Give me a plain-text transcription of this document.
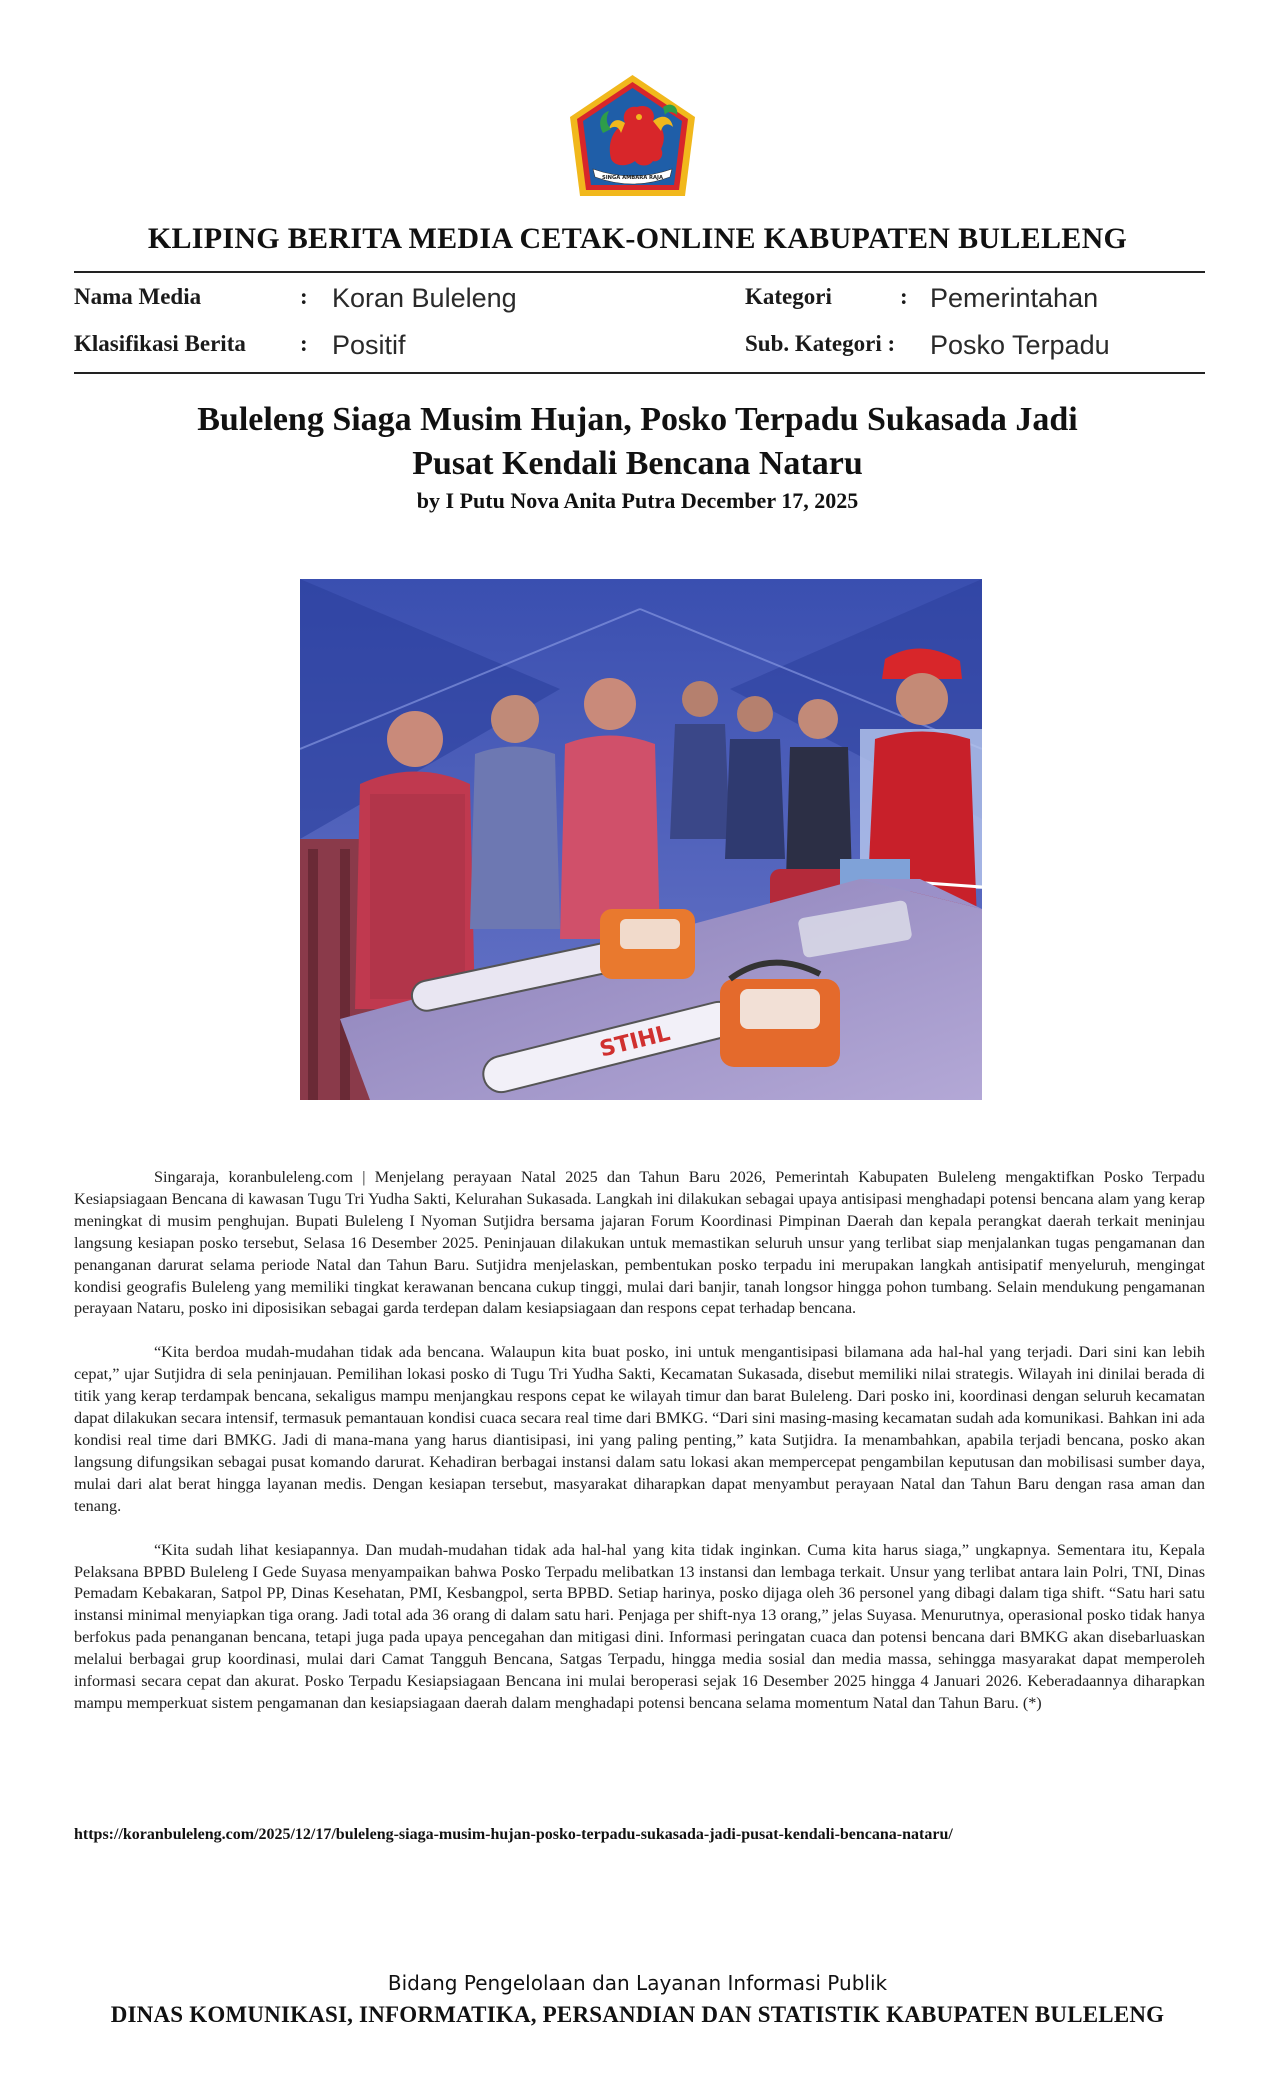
SINGA AMBARA RAJA
KLIPING BERITA MEDIA CETAK-ONLINE KABUPATEN BULELENG
Nama Media	: Koran Buleleng	Kategori	: Pemerintahan
Klasifikasi Berita : Positif	Sub. Kategori : Posko Terpadu
Buleleng Siaga Musim Hujan, Posko Terpadu Sukasada Jadi
Pusat Kendali Bencana Nataru
by I Putu Nova Anita Putra December 17, 2025
STIHL

Singaraja, koranbuleleng.com | Menjelang perayaan Natal 2025 dan Tahun Baru 2026, Pemerintah Kabupaten Buleleng mengaktifkan Posko Terpadu Kesiapsiagaan Bencana di kawasan Tugu Tri Yudha Sakti, Kelurahan Sukasada. Langkah ini dilakukan sebagai upaya antisipasi menghadapi potensi bencana alam yang kerap meningkat di musim penghujan. Bupati Buleleng I Nyoman Sutjidra bersama jajaran Forum Koordinasi Pimpinan Daerah dan kepala perangkat daerah terkait meninjau langsung kesiapan posko tersebut, Selasa 16 Desember 2025. Peninjauan dilakukan untuk memastikan seluruh unsur yang terlibat siap menjalankan tugas pengamanan dan penanganan darurat selama periode Natal dan Tahun Baru. Sutjidra menjelaskan, pembentukan posko terpadu ini merupakan langkah antisipatif menyeluruh, mengingat kondisi geografis Buleleng yang memiliki tingkat kerawanan bencana cukup tinggi, mulai dari banjir, tanah longsor hingga pohon tumbang. Selain mendukung pengamanan perayaan Nataru, posko ini diposisikan sebagai garda terdepan dalam kesiapsiagaan dan respons cepat terhadap bencana.

“Kita berdoa mudah-mudahan tidak ada bencana. Walaupun kita buat posko, ini untuk mengantisipasi bilamana ada hal-hal yang terjadi. Dari sini kan lebih cepat,” ujar Sutjidra di sela peninjauan. Pemilihan lokasi posko di Tugu Tri Yudha Sakti, Kecamatan Sukasada, disebut memiliki nilai strategis. Wilayah ini dinilai berada di titik yang kerap terdampak bencana, sekaligus mampu menjangkau respons cepat ke wilayah timur dan barat Buleleng. Dari posko ini, koordinasi dengan seluruh kecamatan dapat dilakukan secara intensif, termasuk pemantauan kondisi cuaca secara real time dari BMKG. “Dari sini masing-masing kecamatan sudah ada komunikasi. Bahkan ini ada kondisi real time dari BMKG. Jadi di mana-mana yang harus diantisipasi, ini yang paling penting,” kata Sutjidra. Ia menambahkan, apabila terjadi bencana, posko akan langsung difungsikan sebagai pusat komando darurat. Kehadiran berbagai instansi dalam satu lokasi akan mempercepat pengambilan keputusan dan mobilisasi sumber daya, mulai dari alat berat hingga layanan medis. Dengan kesiapan tersebut, masyarakat diharapkan dapat menyambut perayaan Natal dan Tahun Baru dengan rasa aman dan tenang.

“Kita sudah lihat kesiapannya. Dan mudah-mudahan tidak ada hal-hal yang kita tidak inginkan. Cuma kita harus siaga,” ungkapnya. Sementara itu, Kepala Pelaksana BPBD Buleleng I Gede Suyasa menyampaikan bahwa Posko Terpadu melibatkan 13 instansi dan lembaga terkait. Unsur yang terlibat antara lain Polri, TNI, Dinas Pemadam Kebakaran, Satpol PP, Dinas Kesehatan, PMI, Kesbangpol, serta BPBD. Setiap harinya, posko dijaga oleh 36 personel yang dibagi dalam tiga shift. “Satu hari satu instansi minimal menyiapkan tiga orang. Jadi total ada 36 orang di dalam satu hari. Penjaga per shift-nya 13 orang,” jelas Suyasa. Menurutnya, operasional posko tidak hanya berfokus pada penanganan bencana, tetapi juga pada upaya pencegahan dan mitigasi dini. Informasi peringatan cuaca dan potensi bencana dari BMKG akan disebarluaskan melalui berbagai grup koordinasi, mulai dari Camat Tangguh Bencana, Satgas Terpadu, hingga media sosial dan media massa, sehingga masyarakat dapat memperoleh informasi secara cepat dan akurat. Posko Terpadu Kesiapsiagaan Bencana ini mulai beroperasi sejak 16 Desember 2025 hingga 4 Januari 2026. Keberadaannya diharapkan mampu memperkuat sistem pengamanan dan kesiapsiagaan daerah dalam menghadapi potensi bencana selama momentum Natal dan Tahun Baru. (*)

https://koranbuleleng.com/2025/12/17/buleleng-siaga-musim-hujan-posko-terpadu-sukasada-jadi-pusat-kendali-bencana-nataru/
Bidang Pengelolaan dan Layanan Informasi Publik
DINAS KOMUNIKASI, INFORMATIKA, PERSANDIAN DAN STATISTIK KABUPATEN BULELENG
